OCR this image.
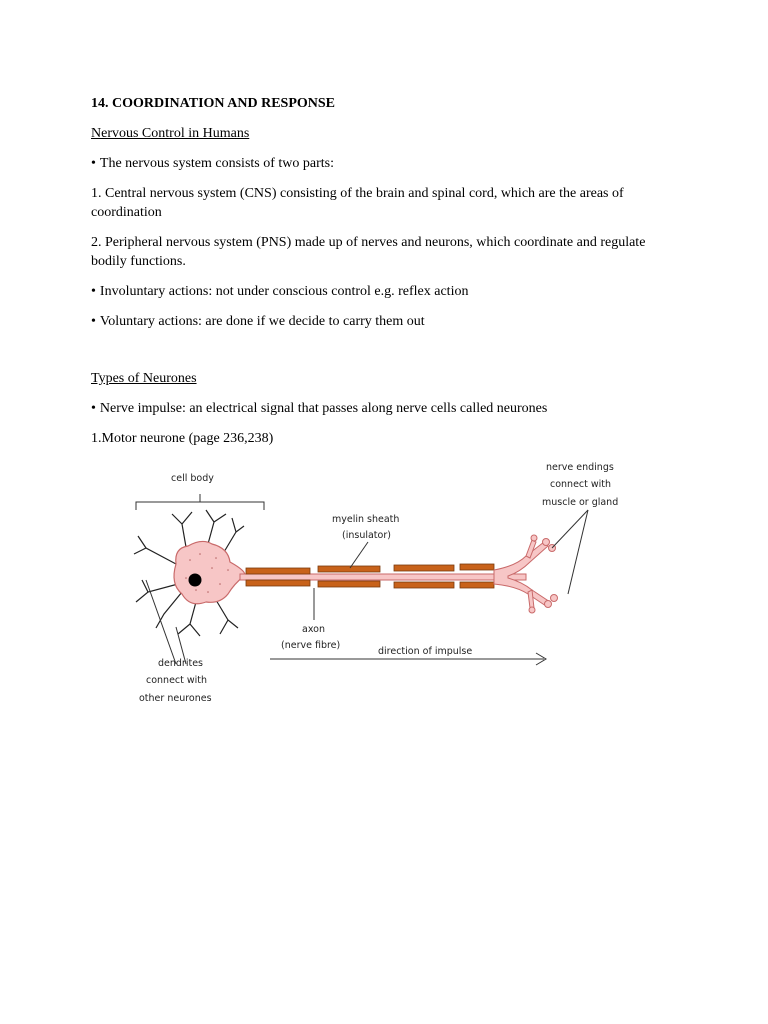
14. COORDINATION AND RESPONSE

Nervous Control in Humans

• The nervous system consists of two parts:

1. Central nervous system (CNS) consisting of the brain and spinal cord, which are the areas of coordination

2. Peripheral nervous system (PNS) made up of nerves and neurons, which coordinate and regulate bodily functions.

• Involuntary actions: not under conscious control e.g. reflex action

• Voluntary actions: are done if we decide to carry them out

Types of Neurones

• Nerve impulse: an electrical signal that passes along nerve cells called neurones

1.Motor neurone (page 236,238)

cell body
myelin sheath
(insulator)
nerve endings
connect with
muscle or gland
axon
(nerve fibre)
direction of impulse
dendrites
connect with
other neurones
